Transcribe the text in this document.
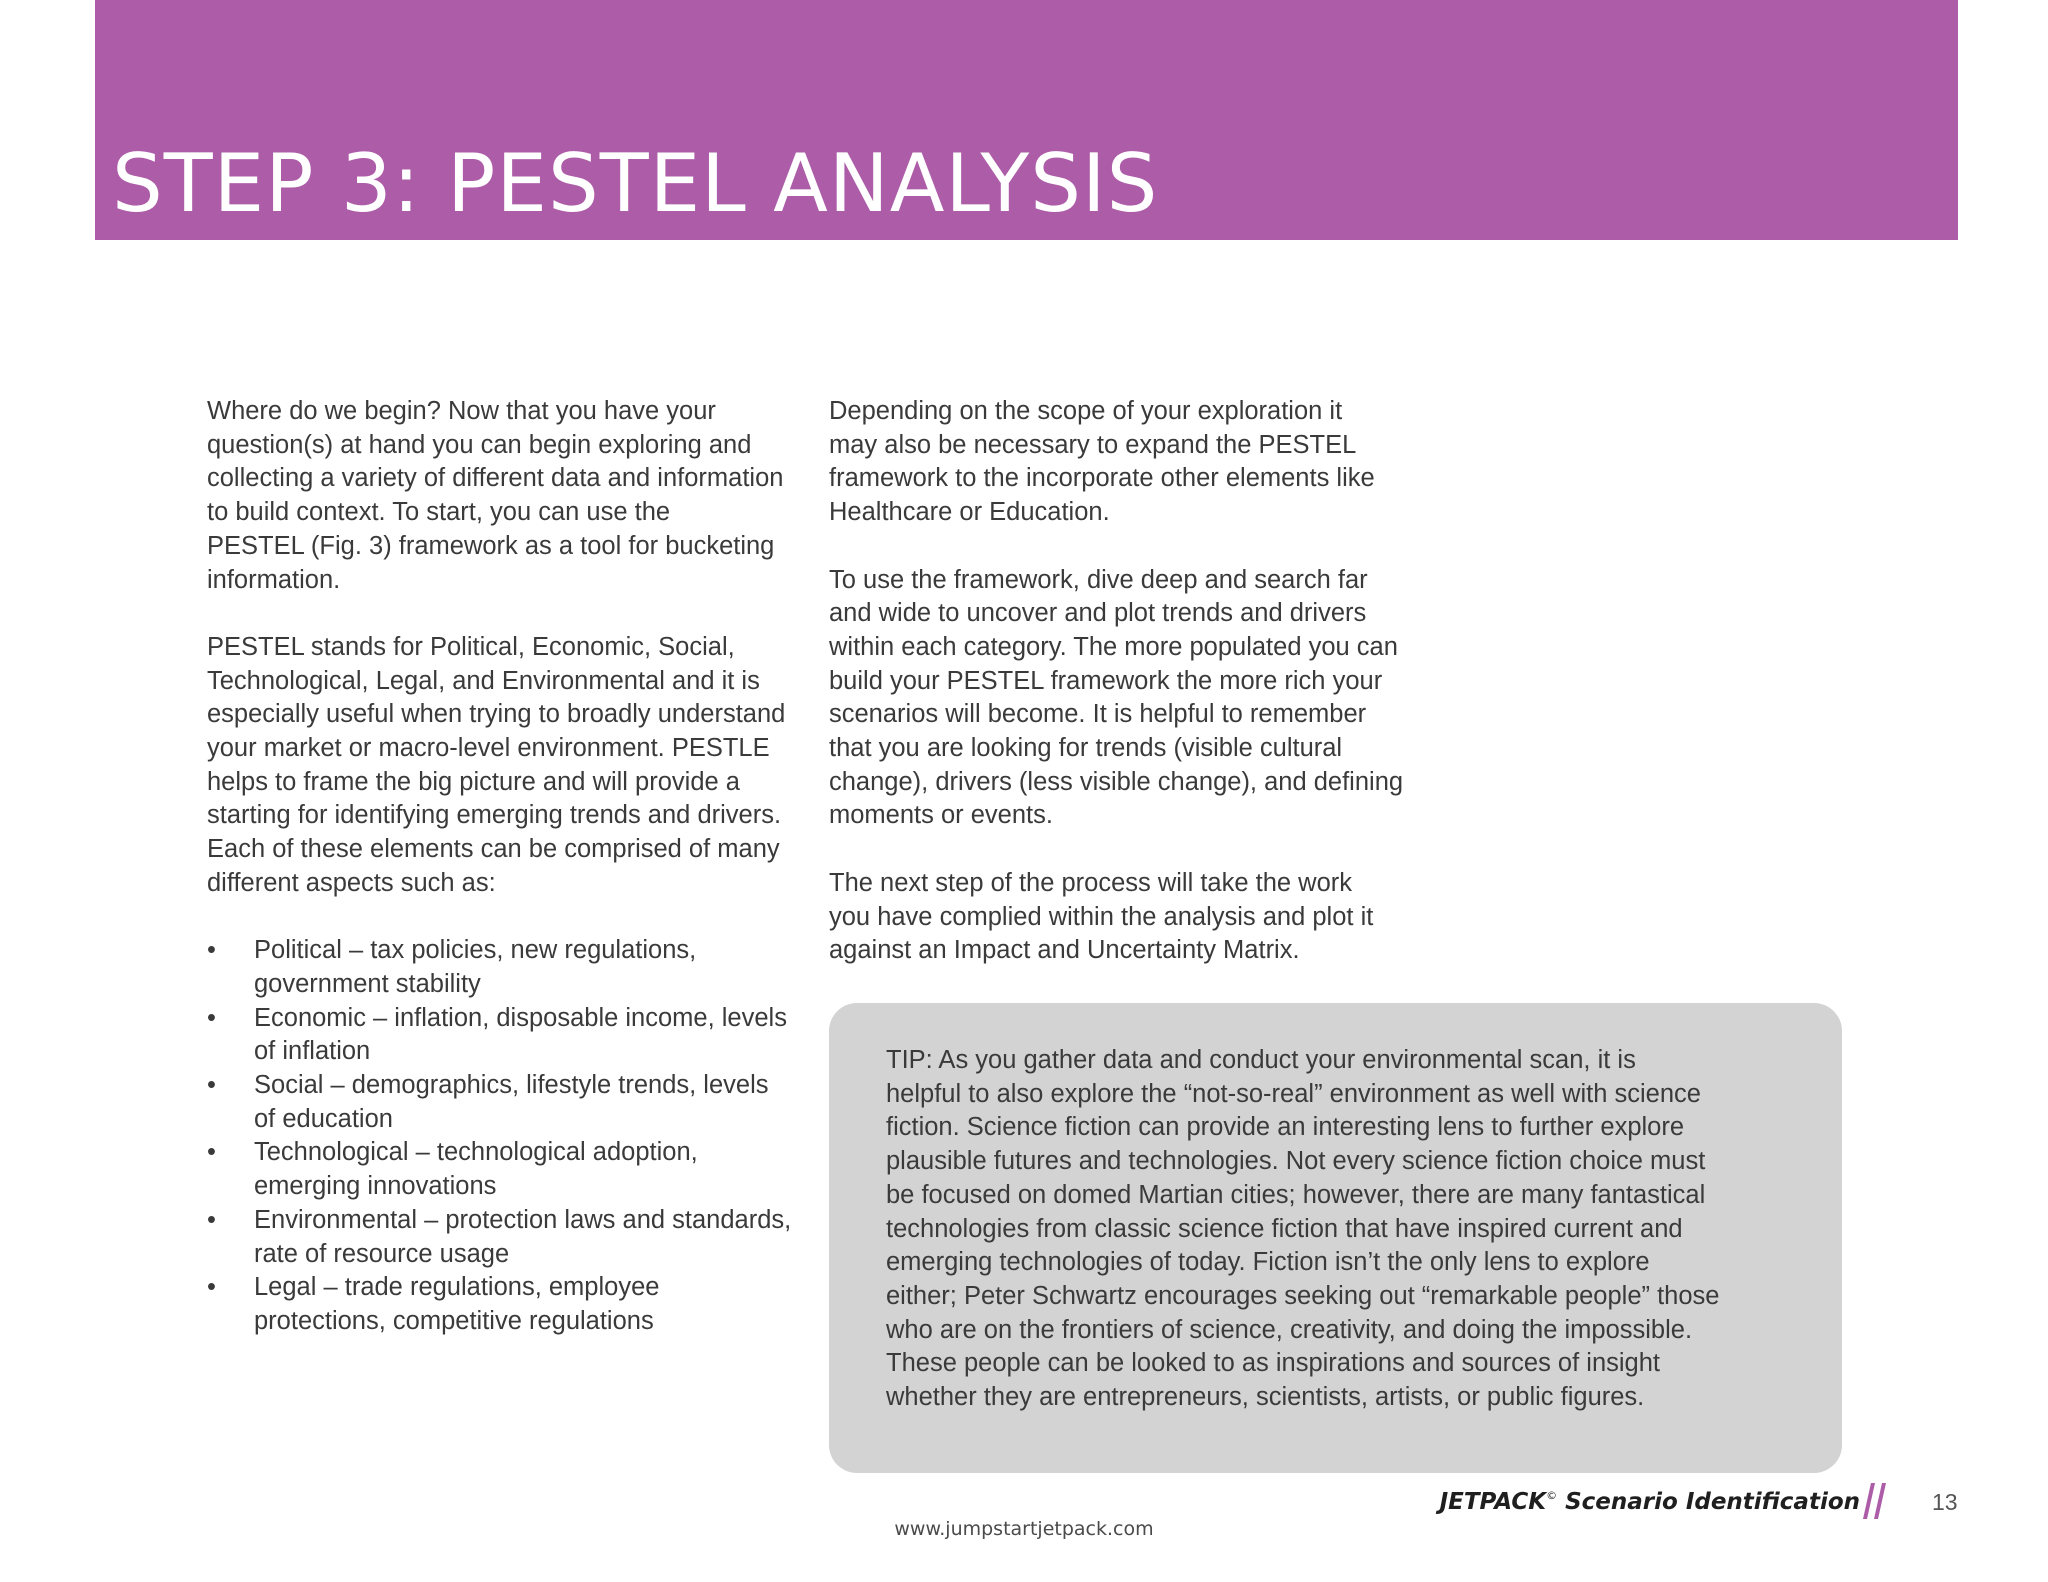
STEP 3: PESTEL ANALYSIS

Where do we begin? Now that you have your
question(s) at hand you can begin exploring and
collecting a variety of different data and information
to build context. To start, you can use the
PESTEL (Fig. 3) framework as a tool for bucketing
information.

PESTEL stands for Political, Economic, Social,
Technological, Legal, and Environmental and it is
especially useful when trying to broadly understand
your market or macro-level environment. PESTLE
helps to frame the big picture and will provide a
starting for identifying emerging trends and drivers.
Each of these elements can be comprised of many
different aspects such as:

•	Political – tax policies, new regulations,
government stability
•	Economic – inflation, disposable income, levels
of inflation
•	Social – demographics, lifestyle trends, levels
of education
•	Technological – technological adoption,
emerging innovations
•	Environmental – protection laws and standards,
rate of resource usage
•	Legal – trade regulations, employee
protections, competitive regulations

Depending on the scope of your exploration it
may also be necessary to expand the PESTEL
framework to the incorporate other elements like
Healthcare or Education.

To use the framework, dive deep and search far
and wide to uncover and plot trends and drivers
within each category. The more populated you can
build your PESTEL framework the more rich your
scenarios will become. It is helpful to remember
that you are looking for trends (visible cultural
change), drivers (less visible change), and defining
moments or events.

The next step of the process will take the work
you have complied within the analysis and plot it
against an Impact and Uncertainty Matrix.

TIP: As you gather data and conduct your environmental scan, it is
helpful to also explore the “not-so-real” environment as well with science
fiction. Science fiction can provide an interesting lens to further explore
plausible futures and technologies. Not every science fiction choice must
be focused on domed Martian cities; however, there are many fantastical
technologies from classic science fiction that have inspired current and
emerging technologies of today. Fiction isn’t the only lens to explore
either; Peter Schwartz encourages seeking out “remarkable people” those
who are on the frontiers of science, creativity, and doing the impossible.
These people can be looked to as inspirations and sources of insight
whether they are entrepreneurs, scientists, artists, or public figures.

JETPACK© Scenario Identification	13
www.jumpstartjetpack.com
